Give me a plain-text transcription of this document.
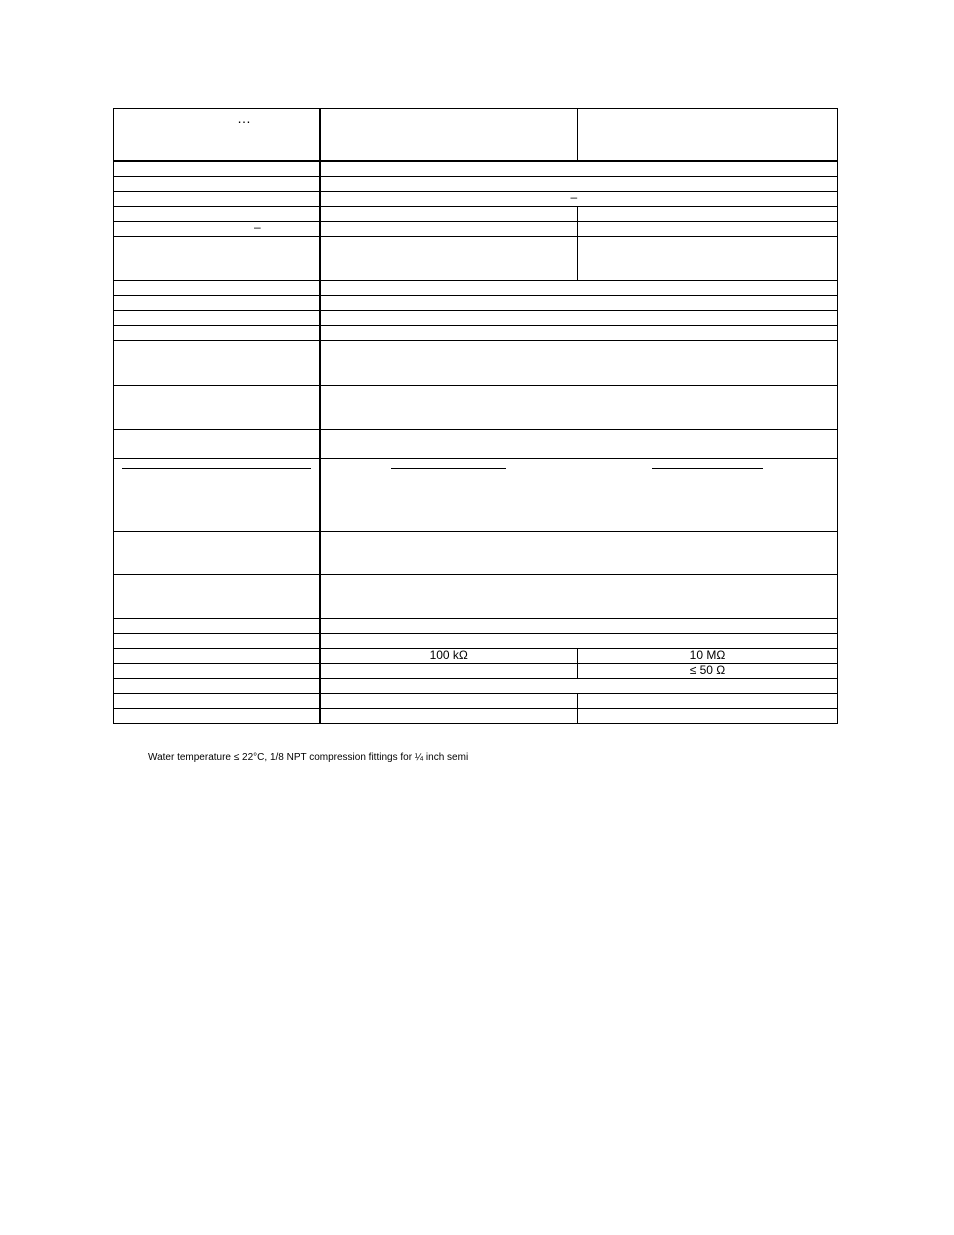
…		

	–	

–		

	100 kΩ	10 MΩ
		≤ 50 Ω

Water temperature ≤ 22°C, 1/8 NPT compression fittings for ¼ inch semi
